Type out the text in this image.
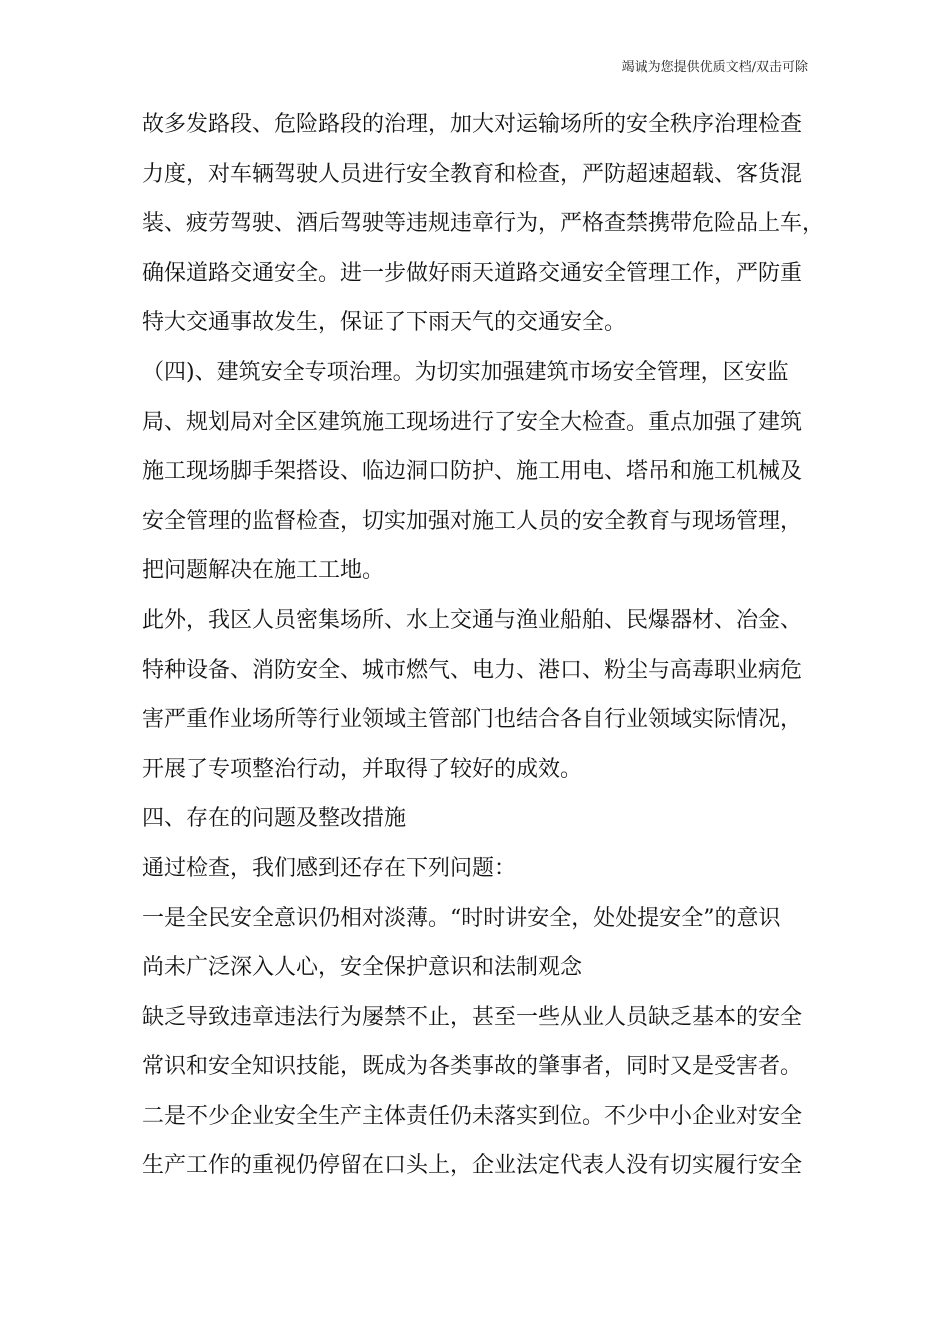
竭诚为您提供优质文档/双击可除
故多发路段、危险路段的治理，加大对运输场所的安全秩序治理检查
力度，对车辆驾驶人员进行安全教育和检查，严防超速超载、客货混
装、疲劳驾驶、酒后驾驶等违规违章行为，严格查禁携带危险品上车，
确保道路交通安全。进一步做好雨天道路交通安全管理工作，严防重
特大交通事故发生，保证了下雨天气的交通安全。
（四)、建筑安全专项治理。为切实加强建筑市场安全管理，区安监
局、规划局对全区建筑施工现场进行了安全大检查。重点加强了建筑
施工现场脚手架搭设、临边洞口防护、施工用电、塔吊和施工机械及
安全管理的监督检查，切实加强对施工人员的安全教育与现场管理，
把问题解决在施工工地。
此外，我区人员密集场所、水上交通与渔业船舶、民爆器材、冶金、
特种设备、消防安全、城市燃气、电力、港口、粉尘与高毒职业病危
害严重作业场所等行业领域主管部门也结合各自行业领域实际情况，
开展了专项整治行动，并取得了较好的成效。
四、存在的问题及整改措施
通过检查，我们感到还存在下列问题：
一是全民安全意识仍相对淡薄。“时时讲安全，处处提安全”的意识
尚未广泛深入人心，安全保护意识和法制观念
缺乏导致违章违法行为屡禁不止，甚至一些从业人员缺乏基本的安全
常识和安全知识技能，既成为各类事故的肇事者，同时又是受害者。
二是不少企业安全生产主体责任仍未落实到位。不少中小企业对安全
生产工作的重视仍停留在口头上，企业法定代表人没有切实履行安全
